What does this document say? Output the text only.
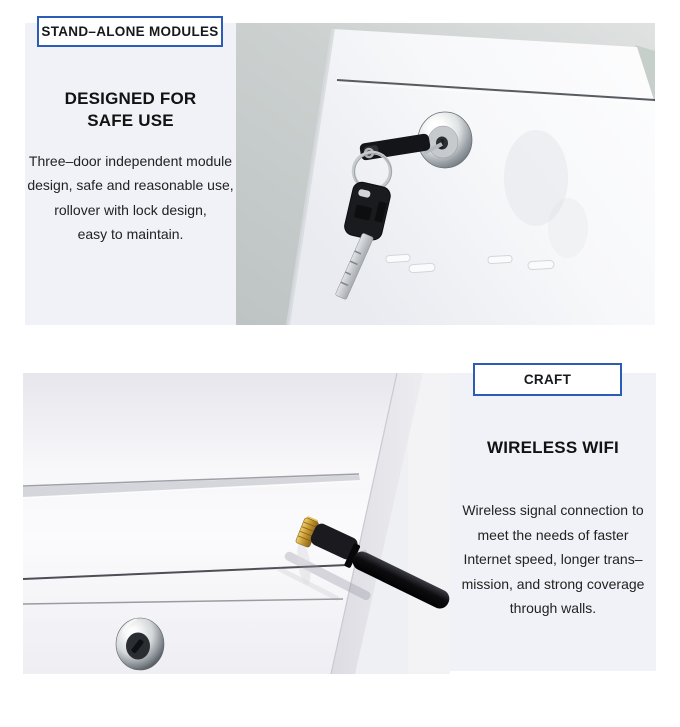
STAND–ALONE MODULES
DESIGNED FOR
SAFE USE
Three–door independent module
design, safe and reasonable use,
rollover with lock design,
easy to maintain.
CRAFT
WIRELESS WIFI
Wireless signal connection to
meet the needs of faster
Internet speed, longer trans–
mission, and strong coverage
through walls.
